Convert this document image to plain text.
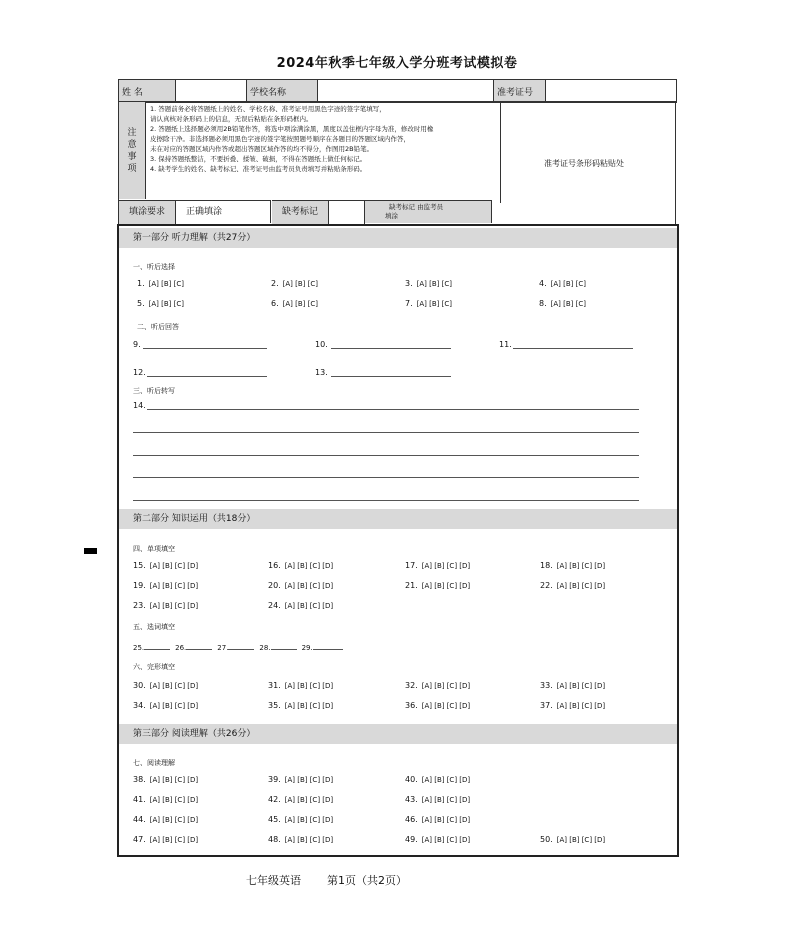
2024年秋季七年级入学分班考试模拟卷
姓 名		学校名称		准考证号	
注意事项
1. 答题前务必将答题纸上的姓名、学校名称、准考证号用黑色字迹的签字笔填写，
请认真核对条形码上的信息，无误后粘贴在条形码框内。
2. 答题纸上选择题必须用2B铅笔作答，将选中项涂满涂黑，黑度以盖住框内字母为准，修改时用橡
皮擦除干净。非选择题必须用黑色字迹的签字笔按照题号顺序在各题目的答题区域内作答，
未在对应的答题区域内作答或超出答题区域作答的均不得分，作图用2B铅笔。
3. 保持答题纸整洁，不要折叠、揉皱、破损，不得在答题纸上做任何标记。
4. 缺考学生的姓名、缺考标记、准考证号由监考员负责填写并粘贴条形码。
准考证号条形码粘贴处
填涂要求	正确填涂	缺考标记	缺考标记 由监考员
填涂
第一部分 听力理解（共27分）
一、听后选择
1. [A] [B] [C]	2. [A] [B] [C]	3. [A] [B] [C]	4. [A] [B] [C]
5. [A] [B] [C]	6. [A] [B] [C]	7. [A] [B] [C]	8. [A] [B] [C]
二、听后回答
9.	10.	11.
12.	13.
三、听后转写
14.
第二部分 知识运用（共18分）
四、单项填空
15. [A] [B] [C] [D]	16. [A] [B] [C] [D]	17. [A] [B] [C] [D]	18. [A] [B] [C] [D]
19. [A] [B] [C] [D]	20. [A] [B] [C] [D]	21. [A] [B] [C] [D]	22. [A] [B] [C] [D]
23. [A] [B] [C] [D]	24. [A] [B] [C] [D]
五、选词填空
25.	26.	27.	28.	29.
六、完形填空
30. [A] [B] [C] [D]	31. [A] [B] [C] [D]	32. [A] [B] [C] [D]	33. [A] [B] [C] [D]
34. [A] [B] [C] [D]	35. [A] [B] [C] [D]	36. [A] [B] [C] [D]	37. [A] [B] [C] [D]
第三部分 阅读理解（共26分）
七、阅读理解
38. [A] [B] [C] [D]	39. [A] [B] [C] [D]	40. [A] [B] [C] [D]
41. [A] [B] [C] [D]	42. [A] [B] [C] [D]	43. [A] [B] [C] [D]
44. [A] [B] [C] [D]	45. [A] [B] [C] [D]	46. [A] [B] [C] [D]
47. [A] [B] [C] [D]	48. [A] [B] [C] [D]	49. [A] [B] [C] [D]	50. [A] [B] [C] [D]
七年级英语 第1页（共2页）
